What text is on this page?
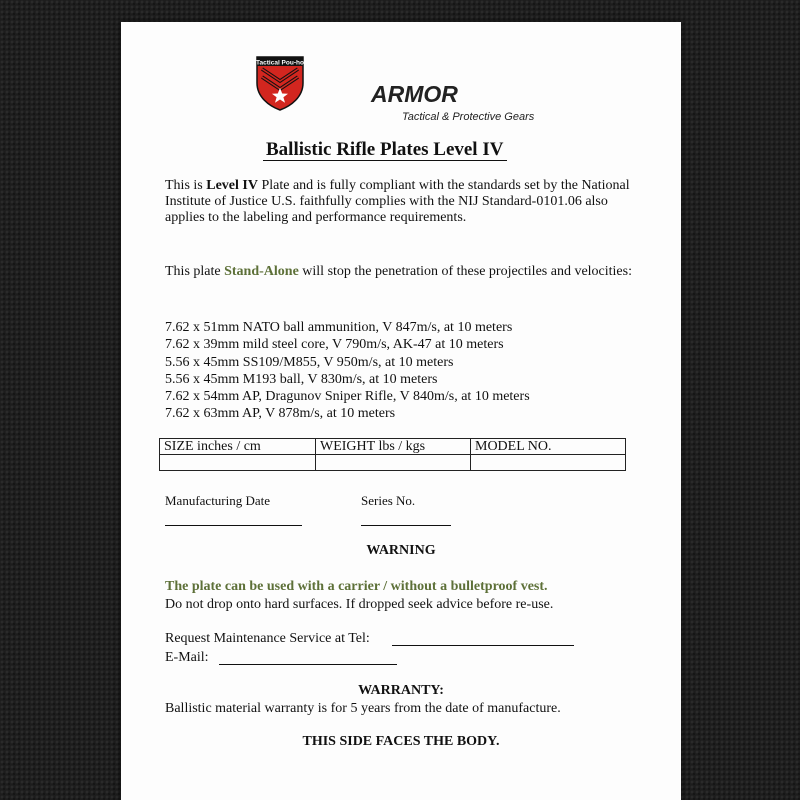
Tactical Pou-ho
ARMOR
Tactical & Protective Gears
Ballistic Rifle Plates Level IV
This is Level IV Plate and is fully compliant with the standards set by the National Institute of Justice U.S. faithfully complies with the NIJ Standard-0101.06 also applies to the labeling and performance requirements.
This plate Stand-Alone will stop the penetration of these projectiles and velocities:
7.62 x 51mm NATO ball ammunition, V 847m/s, at 10 meters
7.62 x 39mm mild steel core, V 790m/s, AK-47 at 10 meters
5.56 x 45mm SS109/M855, V 950m/s, at 10 meters
5.56 x 45mm M193 ball, V 830m/s, at 10 meters
7.62 x 54mm AP, Dragunov Sniper Rifle, V 840m/s, at 10 meters
7.62 x 63mm AP, V 878m/s, at 10 meters
SIZE inches / cm	WEIGHT lbs / kgs	MODEL NO.

Manufacturing Date	Series No.
WARNING
The plate can be used with a carrier / without a bulletproof vest.
Do not drop onto hard surfaces. If dropped seek advice before re-use.
Request Maintenance Service at Tel:
E-Mail:
WARRANTY:
Ballistic material warranty is for 5 years from the date of manufacture.
THIS SIDE FACES THE BODY.
